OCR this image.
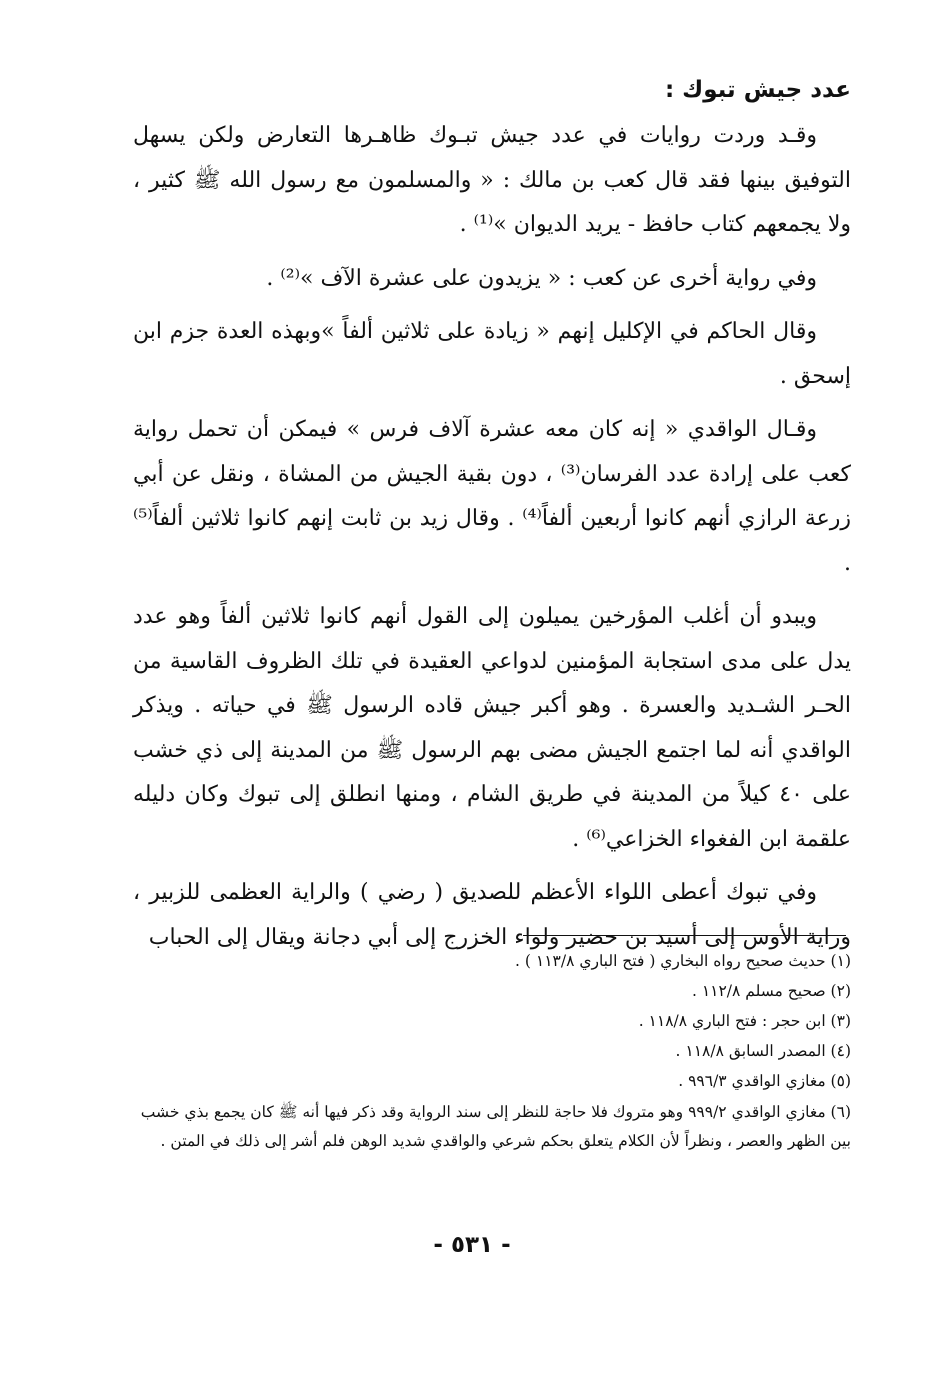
عدد جيش تبوك :

وقـد وردت روايات في عدد جيش تبـوك ظاهـرها التعارض ولكن يسهل التوفيق بينها فقد قال كعب بن مالك : « والمسلمون مع رسول الله ﷺ كثير ، ولا يجمعهم كتاب حافظ - يريد الديوان »⁽¹⁾ .

وفي رواية أخرى عن كعب : « يزيدون على عشرة الآف »⁽²⁾ .

وقال الحاكم في الإكليل إنهم « زيادة على ثلاثين ألفاً »وبهذه العدة جزم ابن إسحق .

وقـال الواقدي « إنه كان معه عشرة آلاف فرس » فيمكن أن تحمل رواية كعب على إرادة عدد الفرسان⁽³⁾ ، دون بقية الجيش من المشاة ، ونقل عن أبي زرعة الرازي أنهم كانوا أربعين ألفاً⁽⁴⁾ . وقال زيد بن ثابت إنهم كانوا ثلاثين ألفاً⁽⁵⁾ .

ويبدو أن أغلب المؤرخين يميلون إلى القول أنهم كانوا ثلاثين ألفاً وهو عدد يدل على مدى استجابة المؤمنين لدواعي العقيدة في تلك الظروف القاسية من الحـر الشـديد والعسرة . وهو أكبر جيش قاده الرسول ﷺ في حياته . ويذكر الواقدي أنه لما اجتمع الجيش مضى بهم الرسول ﷺ من المدينة إلى ذي خشب على ٤٠ كيلاً من المدينة في طريق الشام ، ومنها انطلق إلى تبوك وكان دليله علقمة ابن الفغواء الخزاعي⁽⁶⁾ .

وفي تبوك أعطى اللواء الأعظم للصديق ( رضي ) والراية العظمى للزبير ، وراية الأوس إلى أسيد بن حضير ولواء الخزرج إلى أبي دجانة ويقال إلى الحباب

(١) حديث صحيح رواه البخاري ( فتح الباري ١١٣/٨ ) .

(٢) صحيح مسلم ١١٢/٨ .

(٣) ابن حجر : فتح الباري ١١٨/٨ .

(٤) المصدر السابق ١١٨/٨ .

(٥) مغازي الواقدي ٩٩٦/٣ .

(٦) مغازي الواقدي ٩٩٩/٢ وهو متروك فلا حاجة للنظر إلى سند الرواية وقد ذكر فيها أنه ﷺ كان يجمع بذي خشب بين الظهر والعصر ، ونظراً لأن الكلام يتعلق بحكم شرعي والواقدي شديد الوهن فلم أشر إلى ذلك في المتن .

- ٥٣١ -
